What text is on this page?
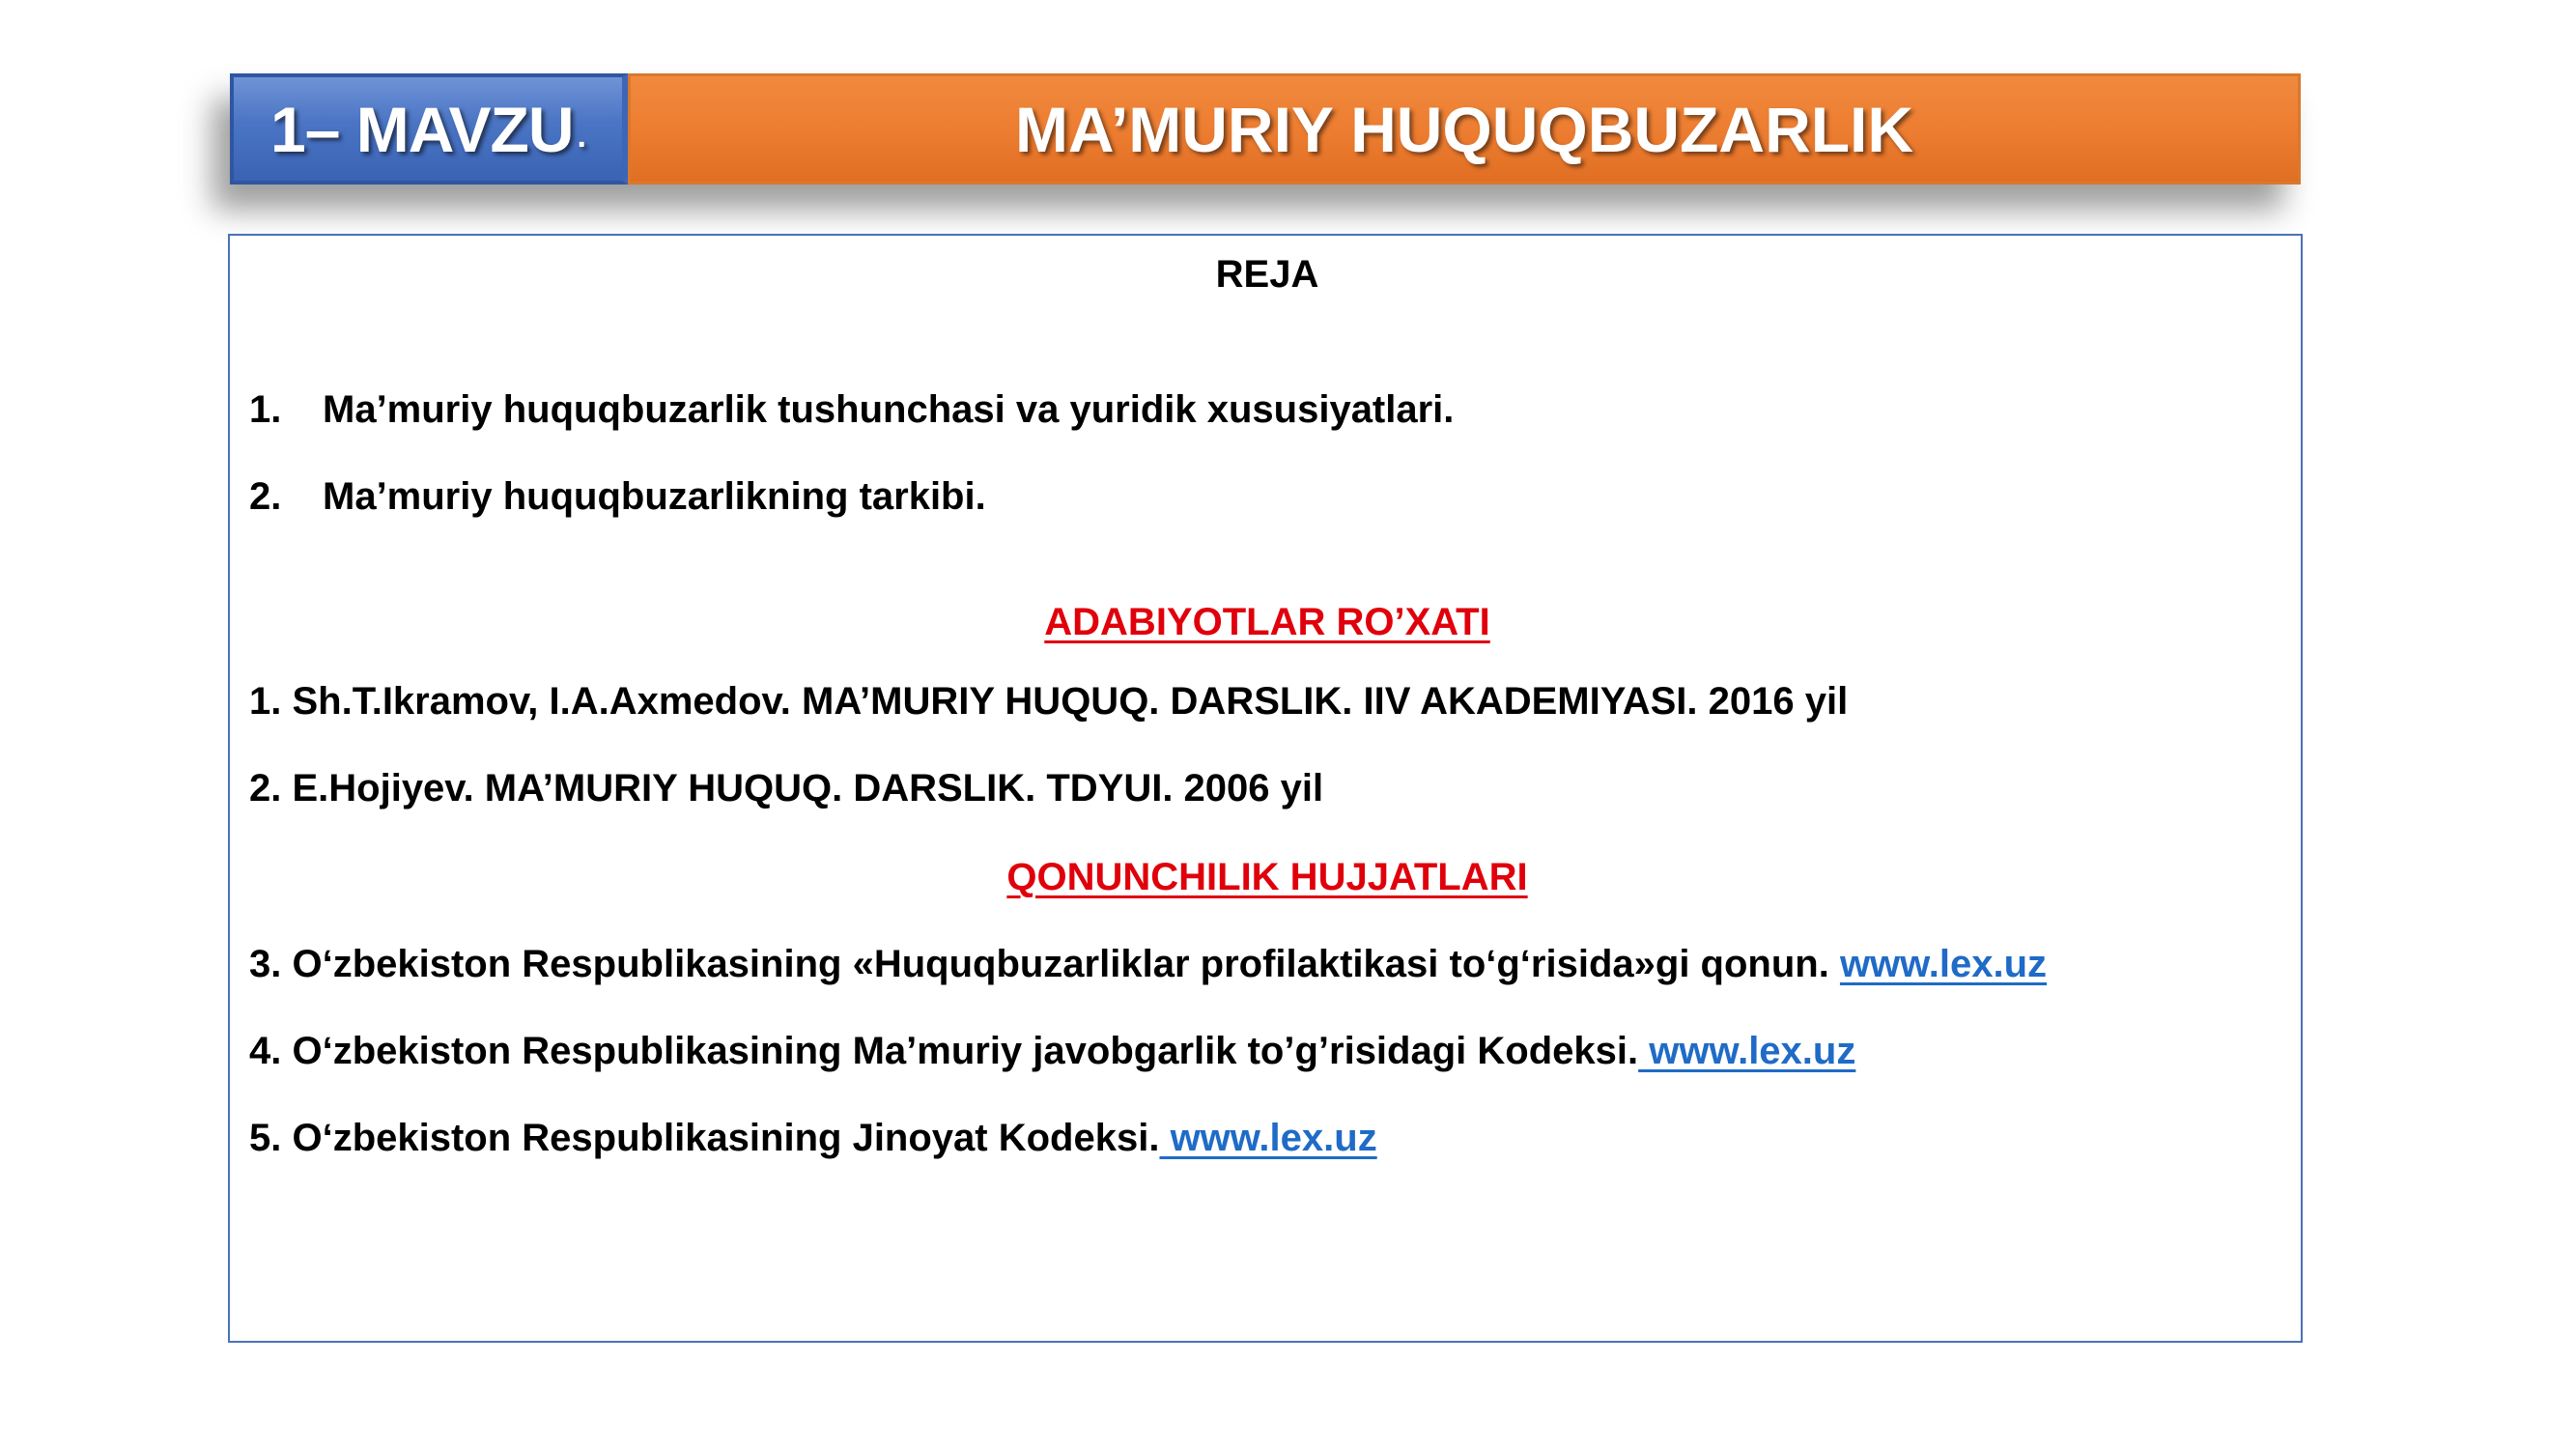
1– MAVZU .	MA’MURIY HUQUQBUZARLIK
REJA
1. Ma’muriy huquqbuzarlik tushunchasi va yuridik xususiyatlari.
2. Ma’muriy huquqbuzarlikning tarkibi.
ADABIYOTLAR RO’XATI
1. Sh.T.Ikramov, I.A.Axmedov. MA’MURIY HUQUQ. DARSLIK. IIV AKADEMIYASI. 2016 yil
2. E.Hojiyev. MA’MURIY HUQUQ. DARSLIK. TDYUI. 2006 yil
QONUNCHILIK HUJJATLARI
3. O‘zbekiston Respublikasining «Huquqbuzarliklar profilaktikasi to‘g‘risida»gi qonun. www.lex.uz
4. O‘zbekiston Respublikasining Ma’muriy javobgarlik to’g’risidagi Kodeksi. www.lex.uz
5. O‘zbekiston Respublikasining Jinoyat Kodeksi. www.lex.uz
